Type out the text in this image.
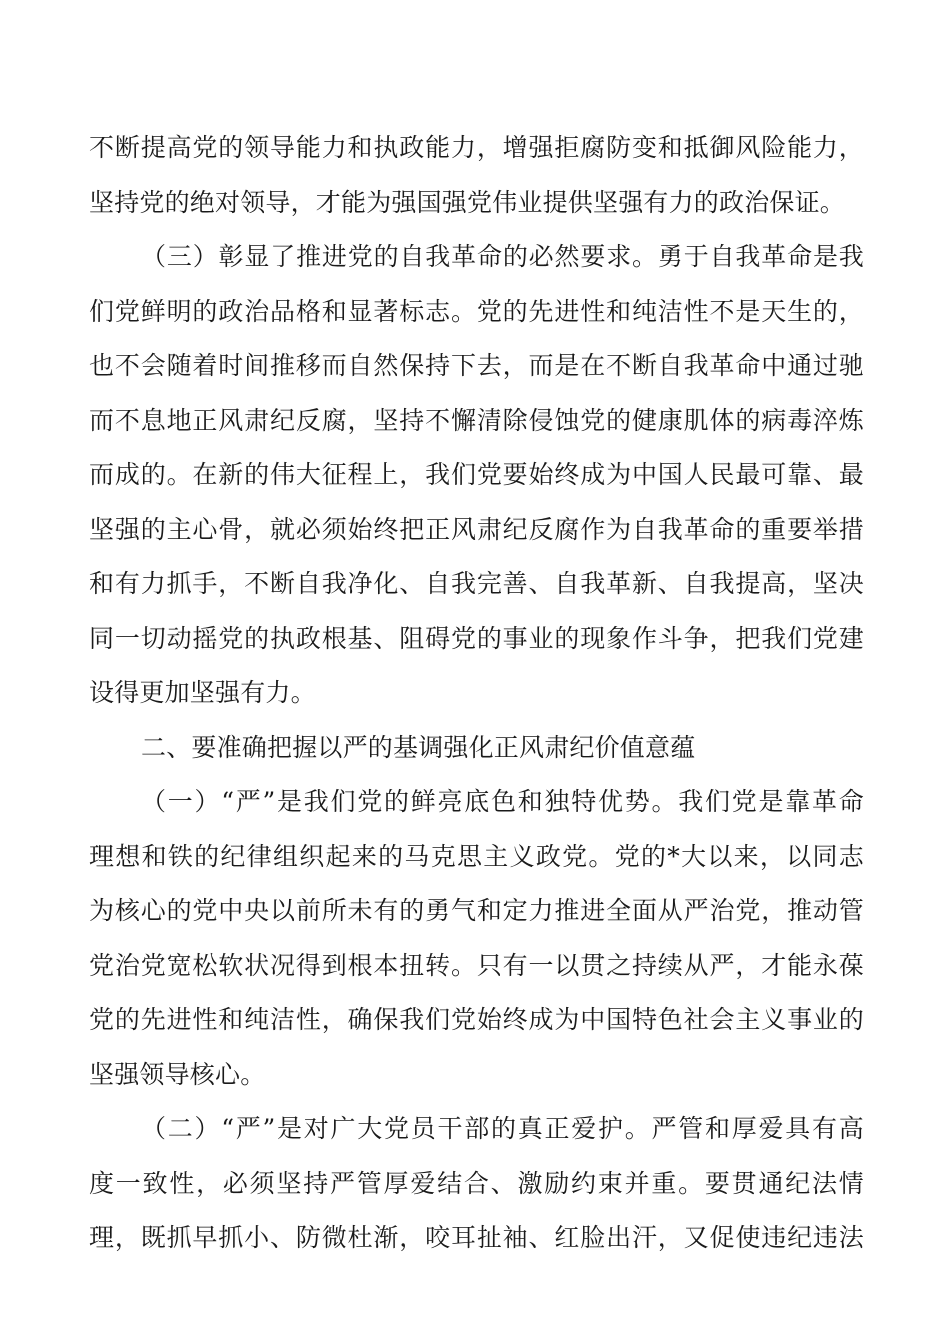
不断提高党的领导能力和执政能力，增强拒腐防变和抵御风险能力，
坚持党的绝对领导，才能为强国强党伟业提供坚强有力的政治保证。
（三）彰显了推进党的自我革命的必然要求。勇于自我革命是我
们党鲜明的政治品格和显著标志。党的先进性和纯洁性不是天生的，
也不会随着时间推移而自然保持下去，而是在不断自我革命中通过驰
而不息地正风肃纪反腐，坚持不懈清除侵蚀党的健康肌体的病毒淬炼
而成的。在新的伟大征程上，我们党要始终成为中国人民最可靠、最
坚强的主心骨，就必须始终把正风肃纪反腐作为自我革命的重要举措
和有力抓手，不断自我净化、自我完善、自我革新、自我提高，坚决
同一切动摇党的执政根基、阻碍党的事业的现象作斗争，把我们党建
设得更加坚强有力。
二、要准确把握以严的基调强化正风肃纪价值意蕴
（一）“严”是我们党的鲜亮底色和独特优势。我们党是靠革命
理想和铁的纪律组织起来的马克思主义政党。党的*大以来，以同志
为核心的党中央以前所未有的勇气和定力推进全面从严治党，推动管
党治党宽松软状况得到根本扭转。只有一以贯之持续从严，才能永葆
党的先进性和纯洁性，确保我们党始终成为中国特色社会主义事业的
坚强领导核心。
（二）“严”是对广大党员干部的真正爱护。严管和厚爱具有高
度一致性，必须坚持严管厚爱结合、激励约束并重。要贯通纪法情
理，既抓早抓小、防微杜渐，咬耳扯袖、红脸出汗，又促使违纪违法
